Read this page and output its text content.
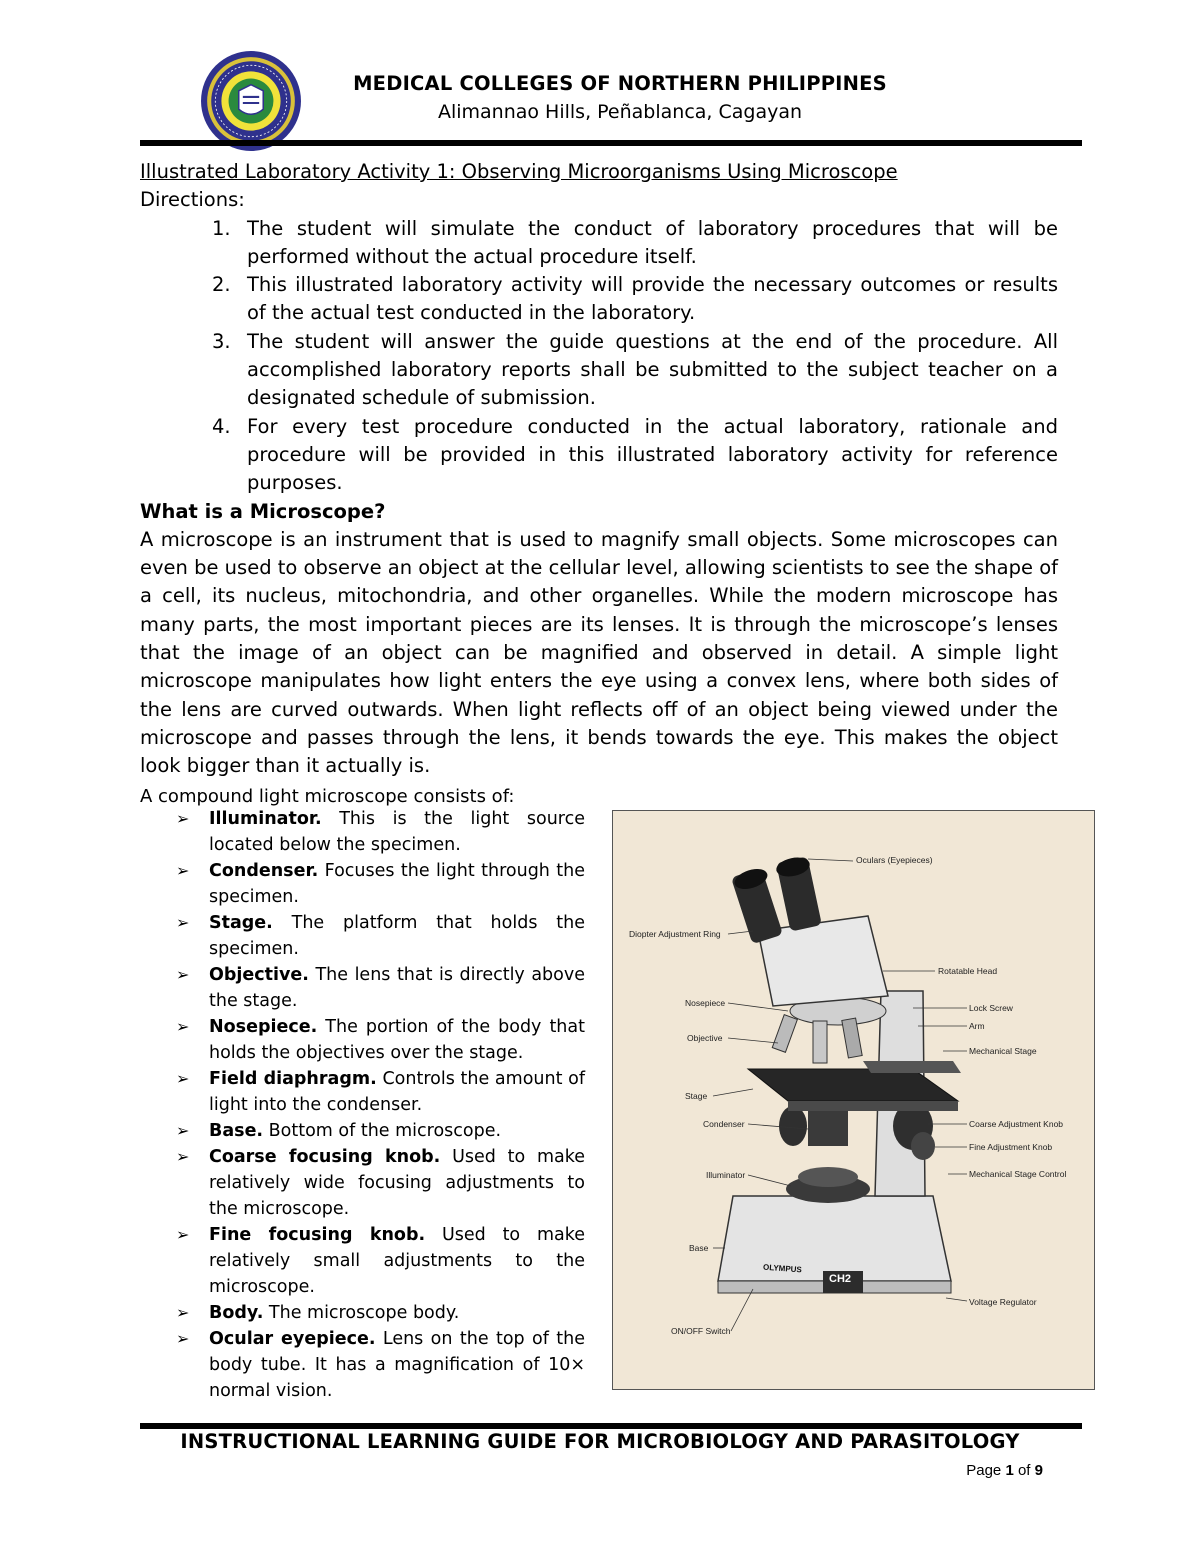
MEDICAL COLLEGES OF NORTHERN PHILIPPINES
Alimannao Hills, Peñablanca, Cagayan
Illustrated Laboratory Activity 1: Observing Microorganisms Using Microscope
Directions:
1. The student will simulate the conduct of laboratory procedures that will be performed without the actual procedure itself.
2. This illustrated laboratory activity will provide the necessary outcomes or results of the actual test conducted in the laboratory.
3. The student will answer the guide questions at the end of the procedure. All accomplished laboratory reports shall be submitted to the subject teacher on a designated schedule of submission.
4. For every test procedure conducted in the actual laboratory, rationale and procedure will be provided in this illustrated laboratory activity for reference purposes.
What is a Microscope?

A microscope is an instrument that is used to magnify small objects. Some microscopes can even be used to observe an object at the cellular level, allowing scientists to see the shape of a cell, its nucleus, mitochondria, and other organelles. While the modern microscope has many parts, the most important pieces are its lenses. It is through the microscope’s lenses that the image of an object can be magnified and observed in detail. A simple light microscope manipulates how light enters the eye using a convex lens, where both sides of the lens are curved outwards. When light reflects off of an object being viewed under the microscope and passes through the lens, it bends towards the eye. This makes the object look bigger than it actually is.

A compound light microscope consists of:
➢ Illuminator. This is the light source located below the specimen.
➢ Condenser. Focuses the light through the specimen.
➢ Stage. The platform that holds the specimen.
➢ Objective. The lens that is directly above the stage.
➢ Nosepiece. The portion of the body that holds the objectives over the stage.
➢ Field diaphragm. Controls the amount of light into the condenser.
➢ Base. Bottom of the microscope.
➢ Coarse focusing knob. Used to make relatively wide focusing adjustments to the microscope.
➢ Fine focusing knob. Used to make relatively small adjustments to the microscope.
➢ Body. The microscope body.
➢ Ocular eyepiece. Lens on the top of the body tube. It has a magnification of 10× normal vision.
Oculars (Eyepieces)
Diopter Adjustment Ring
Rotatable Head
Nosepiece	Lock Screw
Arm
Objective
Mechanical Stage
Stage
Condenser	Coarse Adjustment Knob
Fine Adjustment Knob
Illuminator	Mechanical Stage Control
Base
Voltage Regulator
ON/OFF Switch
OLYMPUS
CH2
INSTRUCTIONAL LEARNING GUIDE FOR MICROBIOLOGY AND PARASITOLOGY
Page 1 of 9
